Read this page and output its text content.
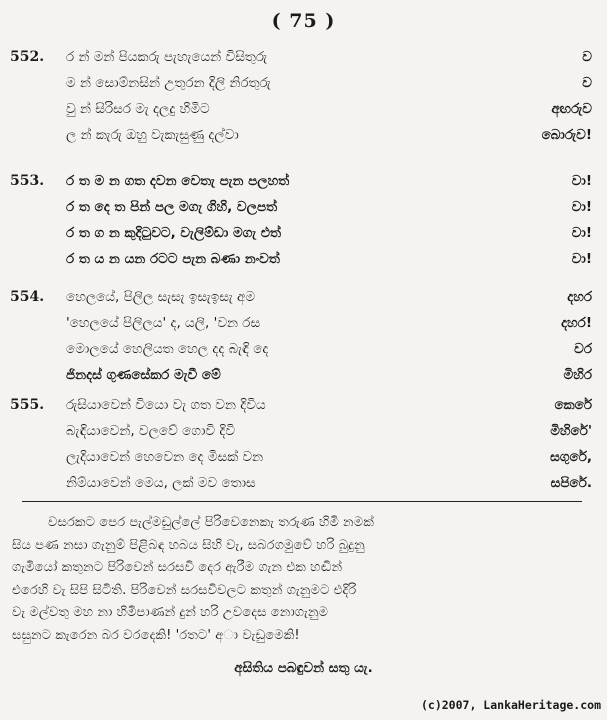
( 75 )
552. ර න් මන් පියකරු පැහැයෙන් විසිතුරු	ව
ම න් සොම්නසින් උතුරන දිලි නිරතුරු	ව
වු න් සිරිසර මැ දලදු හිමිට	අඟරුව
ල න් කැරු ඔහු වැකැසුණු දල්වා	බොරුව!
553. ර ත ම න ගත දවන වෙතැ පැන පලහත්	වා!
ර ත දෙ ත පින් පල මගැ ගිහි, වලපත්	වා!
ර ත ග න කුදිටුවට, වැලිම්ඩා මගැ එත්	වා!
ර ත ය න යන රටට පැන බණා නංවත්	වා!
554. හෙලයේ, පිලිල සැසැ ඉසැඉසැ අම	දහර
'හෙලයේ පිලිලය' ද, යලි, 'වන රස	දහර!
මොලයේ හෙලියත හෙල දද බැඳි දෙ	වර
ජිනදස් ගුණසේකර මැවී මේ	මිහිර
555. රුසියාවෙන් වියො වැ ගත වන දිවිය	කෙරේ
බැඳියාවෙන්, වලවේ ගොවි දිවි	මිහිරේ'
ලැදියාවෙන් හෙවෙන දෙ මිසක් වන	සගුරේ,
නිම්යාවෙන් මෙය, ලක් මව තොස	සපිරේ.
වසරකට පෙර පැල්මඩුල්ලේ පිරිවෙනෙකැ තරුණ හිමි නමක්
සිය පණ නසා ගැනුම් පිළිබඳ හබය සිහි වැ, සබරගමුවේ හරි බුදුනු
ගැමියෝ කතුනට පිරිවෙන් සරසවි දෙර ඇරීම ගැන එක හඬින්
එරෙහි වැ සිපි සිටිති. පිරිවෙන් සරසවිවලට කතුන් ගැනුමට එදිරි
වැ මල්වතු මහ නා හිමිපාණන් දුන් හරි උවදෙස නොගැනුම
සසුනට කැරෙන බර වරදෙකි! 'රතට' අා වැඩුමෙකි!
අසිතිය පබඳුවන් සතු යැ.
(c)2007, LankaHeritage.com
